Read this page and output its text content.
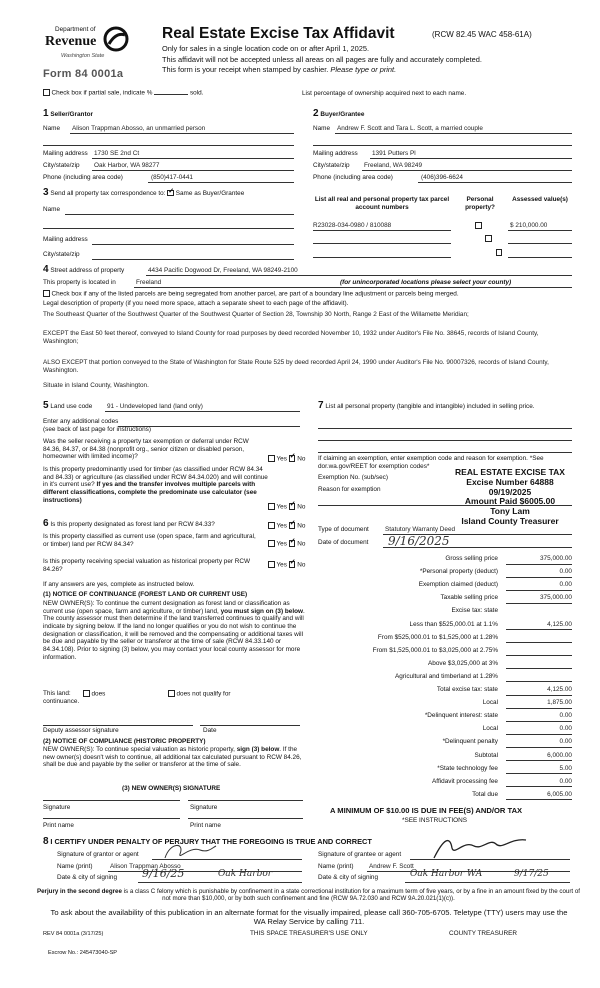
Department of
Revenue
Washington State
Form 84 0001a
Real Estate Excise Tax Affidavit	(RCW 82.45 WAC 458-61A)
Only for sales in a single location code on or after April 1, 2025.
This affidavit will not be accepted unless all areas on all pages are fully and accurately completed.
This form is your receipt when stamped by cashier. Please type or print.
Check box if partial sale, indicate %	sold.	List percentage of ownership acquired next to each name.
1 Seller/Grantor
Name Alison Trappman Abosso, an unmarried person
Mailing address 1730 SE 2nd Ct
City/state/zip Oak Harbor, WA 98277
Phone (including area code)	(850)417-0441
2 Buyer/Grantee
Name Andrew F. Scott and Tara L. Scott, a married couple
Mailing address 1391 Putters Pl
City/state/zip Freeland, WA 98249
Phone (including area code)	(406)396-6624
3 Send all property tax correspondence to: ✓ Same as Buyer/Grantee
Name
Mailing address
City/state/zip
List all real and personal property tax parcel account numbers
Personal property?
Assessed value(s)
R23028-034-0980 / 810088
	$ 210,000.00

4 Street address of property	4434 Pacific Dogwood Dr, Freeland, WA 98249-2100
This property is located in	Freeland	(for unincorporated locations please select your county)
Check box if any of the listed parcels are being segregated from another parcel, are part of a boundary line adjustment or parcels being merged.
Legal description of property (if you need more space, attach a separate sheet to each page of the affidavit).
The Southeast Quarter of the Southwest Quarter of the Southwest Quarter of Section 28, Township 30 North, Range 2 East of the Willamette Meridian;
EXCEPT the East 50 feet thereof, conveyed to Island County for road purposes by deed recorded November 10, 1932 under Auditor's File No. 38645, records of Island County, Washington;
ALSO EXCEPT that portion conveyed to the State of Washington for State Route 525 by deed recorded April 24, 1990 under Auditor's File No. 90007326, records of Island County, Washington.
Situate in Island County, Washington.
5 Land use code 91 - Undeveloped land (land only)
Enter any additional codes
(see back of last page for instructions)
Was the seller receiving a property tax exemption or deferral under RCW 84.36, 84.37, or 84.38 (nonprofit org., senior citizen or disabled person, homeowner with limited income)?	Yes ✓ No
Is this property predominantly used for timber (as classified under RCW 84.34 and 84.33) or agriculture (as classified under RCW 84.34.020) and will continue in it's current use? If yes and the transfer involves multiple parcels with different classifications, complete the predominate use calculator (see instructions)
Yes ✓ No
6 Is this property designated as forest land per RCW 84.33?	Yes ✓ No
Is this property classified as current use (open space, farm and agricultural, or timber) land per RCW 84.34?	Yes ✓ No
Is this property receiving special valuation as historical property per RCW 84.26?
Yes ✓ No
If any answers are yes, complete as instructed below.
(1) NOTICE OF CONTINUANCE (FOREST LAND OR CURRENT USE)
NEW OWNER(S): To continue the current designation as forest land or classification as current use (open space, farm and agriculture, or timber) land, you must sign on (3) below. The county assessor must then determine if the land transferred continues to qualify and will indicate by signing below. If the land no longer qualifies or you do not wish to continue the designation or classification, it will be removed and the compensating or additional taxes will be due and payable by the seller or transferor at the time of sale (RCW 84.33.140 or 84.34.108). Prior to signing (3) below, you may contact your local county assessor for more information.
This land:	does	does not qualify for
continuance.
Deputy assessor signature	Date
(2) NOTICE OF COMPLIANCE (HISTORIC PROPERTY)
NEW OWNER(S): To continue special valuation as historic property, sign (3) below. If the new owner(s) doesn't wish to continue, all additional tax calculated pursuant to RCW 84.26, shall be due and payable by the seller or transferor at the time of sale.
(3) NEW OWNER(S) SIGNATURE
Signature	Signature
Print name	Print name
7 List all personal property (tangible and intangible) included in selling price.
If claiming an exemption, enter exemption code and reason for exemption. *See dor.wa.gov/REET for exemption codes*
Exemption No. (sub/sec)
Reason for exemption
REAL ESTATE EXCISE TAX
Excise Number 64888
09/19/2025
Amount Paid $6005.00
Tony Lam
Island County Treasurer
Type of document	Statutory Warranty Deed
Date of document 9/16/2025
Gross selling price	375,000.00
*Personal property (deduct)	0.00
Exemption claimed (deduct)	0.00
Taxable selling price	375,000.00
Excise tax: state
Less than $525,000.01 at 1.1%	4,125.00
From $525,000.01 to $1,525,000 at 1.28%
From $1,525,000.01 to $3,025,000 at 2.75%
Above $3,025,000 at 3%
Agricultural and timberland at 1.28%
Total excise tax: state	4,125.00
Local	1,875.00
*Delinquent interest: state	0.00
Local	0.00
*Delinquent penalty	0.00
Subtotal	6,000.00
*State technology fee	5.00
Affidavit processing fee	0.00
Total due	6,005.00
A MINIMUM OF $10.00 IS DUE IN FEE(S) AND/OR TAX
*SEE INSTRUCTIONS
8 I CERTIFY UNDER PENALTY OF PERJURY THAT THE FOREGOING IS TRUE AND CORRECT
Signature of grantor or agent
Name (print)	Alison Trappman Abosso
Date & city of signing 9/16/25	Oak Harbor
Signature of grantee or agent
Name (print) Andrew F. Scott
Date & city of signing	Oak Harbor WA	9/17/25
Perjury in the second degree is a class C felony which is punishable by confinement in a state correctional institution for a maximum term of five years, or by a fine in an amount fixed by the court of not more than $10,000, or by both such confinement and fine (RCW 9A.72.030 and RCW 9A.20.021(1)(c)).
To ask about the availability of this publication in an alternate format for the visually impaired, please call 360-705-6705. Teletype (TTY) users may use the WA Relay Service by calling 711.
REV 84 0001a (3/17/25)	THIS SPACE TREASURER'S USE ONLY	COUNTY TREASURER
Escrow No.: 245473040-SP
